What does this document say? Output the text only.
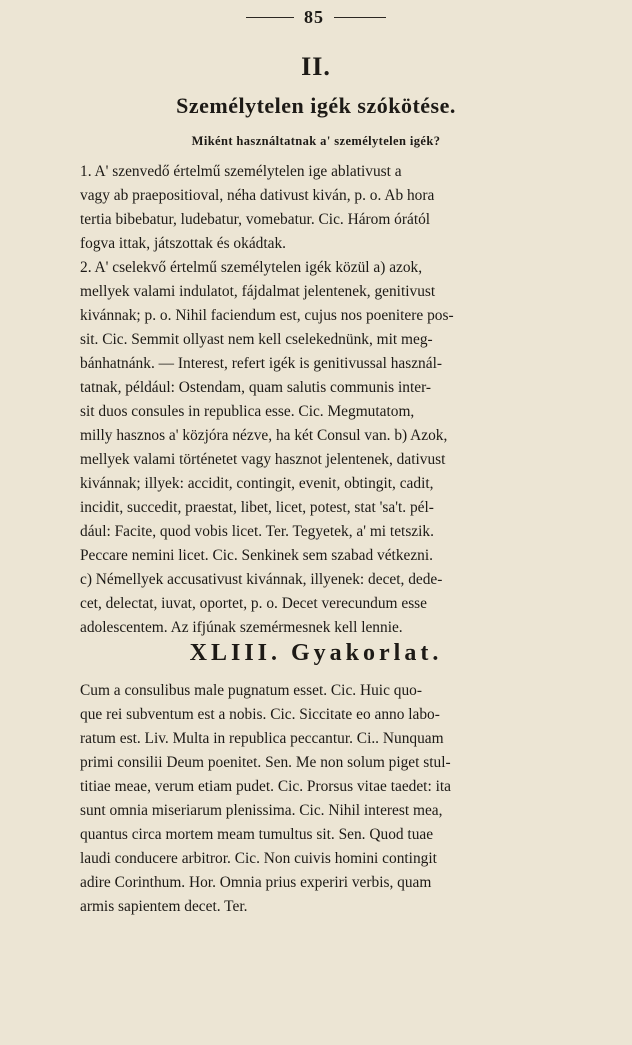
85
II.
Személytelen igék szókötése.
Miként használtatnak a' személytelen igék?
1. A' szenvedő értelmű személytelen ige ablativust a
vagy ab praepositioval, néha dativust kiván, p. o. Ab hora
tertia bibebatur, ludebatur, vomebatur. Cic. Három órától
fogva ittak, játszottak és okádtak.
2. A' cselekvő értelmű személytelen igék közül a) azok,
mellyek valami indulatot, fájdalmat jelentenek, genitivust
kivánnak; p. o. Nihil faciendum est, cujus nos poenitere pos-
sit. Cic. Semmit ollyast nem kell cselekednünk, mit meg-
bánhatnánk. — Interest, refert igék is genitivussal használ-
tatnak, például: Ostendam, quam salutis communis inter-
sit duos consules in republica esse. Cic. Megmutatom,
milly hasznos a' közjóra nézve, ha két Consul van. b) Azok,
mellyek valami történetet vagy hasznot jelentenek, dativust
kivánnak; illyek: accidit, contingit, evenit, obtingit, cadit,
incidit, succedit, praestat, libet, licet, potest, stat 'sa't. pél-
dául: Facite, quod vobis licet. Ter. Tegyetek, a' mi tetszik.
Peccare nemini licet. Cic. Senkinek sem szabad vétkezni.
c) Némellyek accusativust kivánnak, illyenek: decet, dede-
cet, delectat, iuvat, oportet, p. o. Decet verecundum esse
adolescentem. Az ifjúnak szemérmesnek kell lennie.
XLIII. Gyakorlat.
Cum a consulibus male pugnatum esset. Cic. Huic quo-
que rei subventum est a nobis. Cic. Siccitate eo anno labo-
ratum est. Liv. Multa in republica peccantur. Ci.. Nunquam
primi consilii Deum poenitet. Sen. Me non solum piget stul-
titiae meae, verum etiam pudet. Cic. Prorsus vitae taedet: ita
sunt omnia miseriarum plenissima. Cic. Nihil interest mea,
quantus circa mortem meam tumultus sit. Sen. Quod tuae
laudi conducere arbitror. Cic. Non cuivis homini contingit
adire Corinthum. Hor. Omnia prius experiri verbis, quam
armis sapientem decet. Ter.
